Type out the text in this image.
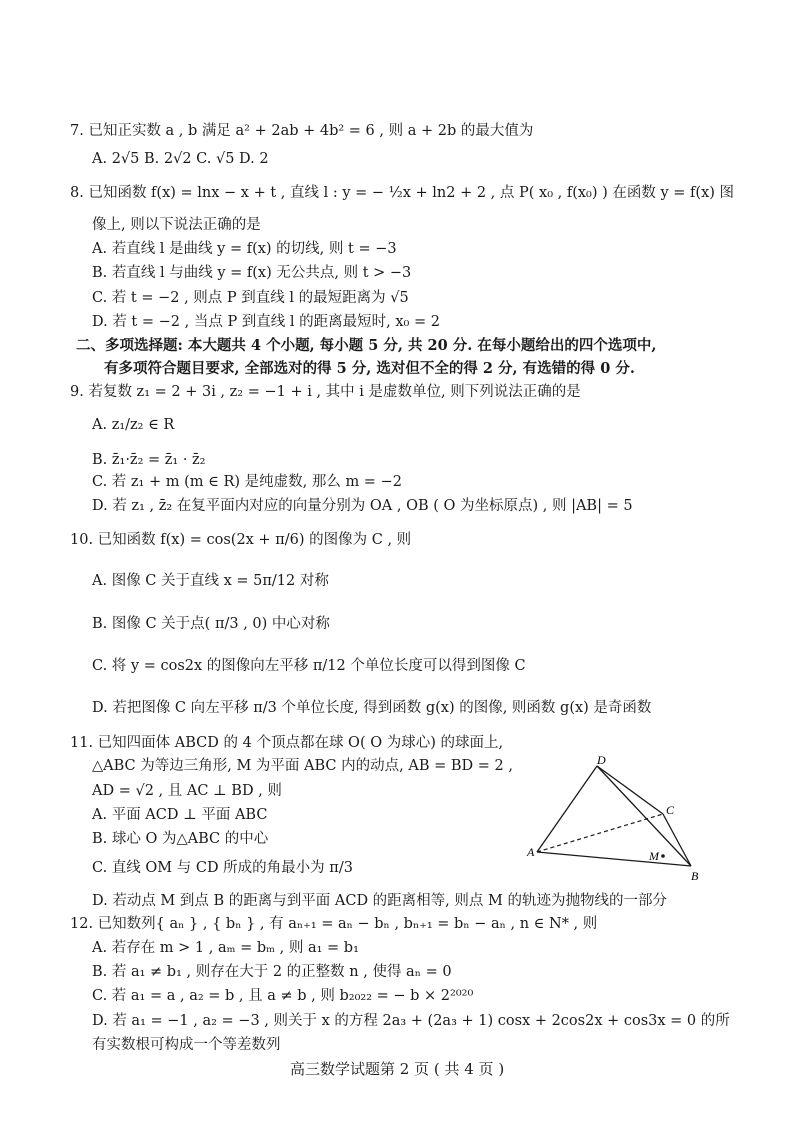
7. 已知正实数 a , b 满足 a² + 2ab + 4b² = 6 , 则 a + 2b 的最大值为
A. 2√5 B. 2√2 C. √5 D. 2
8. 已知函数 f(x) = lnx − x + t , 直线 l : y = − ½x + ln2 + 2 , 点 P( x₀ , f(x₀) ) 在函数 y = f(x) 图
像上, 则以下说法正确的是
A. 若直线 l 是曲线 y = f(x) 的切线, 则 t = −3
B. 若直线 l 与曲线 y = f(x) 无公共点, 则 t > −3
C. 若 t = −2 , 则点 P 到直线 l 的最短距离为 √5
D. 若 t = −2 , 当点 P 到直线 l 的距离最短时, x₀ = 2
二、多项选择题: 本大题共 4 个小题, 每小题 5 分, 共 20 分. 在每小题给出的四个选项中,
有多项符合题目要求, 全部选对的得 5 分, 选对但不全的得 2 分, 有选错的得 0 分.
9. 若复数 z₁ = 2 + 3i , z₂ = −1 + i , 其中 i 是虚数单位, 则下列说法正确的是
A. z₁/z₂ ∈ R
B. z̄₁·z̄₂ = z̄₁ · z̄₂
C. 若 z₁ + m (m ∈ R) 是纯虚数, 那么 m = −2
D. 若 z₁ , z̄₂ 在复平面内对应的向量分别为 OA , OB ( O 为坐标原点) , 则 |AB| = 5
10. 已知函数 f(x) = cos(2x + π/6) 的图像为 C , 则
A. 图像 C 关于直线 x = 5π/12 对称
B. 图像 C 关于点( π/3 , 0) 中心对称
C. 将 y = cos2x 的图像向左平移 π/12 个单位长度可以得到图像 C
D. 若把图像 C 向左平移 π/3 个单位长度, 得到函数 g(x) 的图像, 则函数 g(x) 是奇函数
11. 已知四面体 ABCD 的 4 个顶点都在球 O( O 为球心) 的球面上,
△ABC 为等边三角形, M 为平面 ABC 内的动点, AB = BD = 2 ,
AD = √2 , 且 AC ⊥ BD , 则
A. 平面 ACD ⊥ 平面 ABC
B. 球心 O 为△ABC 的中心
C. 直线 OM 与 CD 所成的角最小为 π/3
D. 若动点 M 到点 B 的距离与到平面 ACD 的距离相等, 则点 M 的轨迹为抛物线的一部分
A
B
C
D
M
12. 已知数列{ aₙ } , { bₙ } , 有 aₙ₊₁ = aₙ − bₙ , bₙ₊₁ = bₙ − aₙ , n ∈ N* , 则
A. 若存在 m > 1 , aₘ = bₘ , 则 a₁ = b₁
B. 若 a₁ ≠ b₁ , 则存在大于 2 的正整数 n , 使得 aₙ = 0
C. 若 a₁ = a , a₂ = b , 且 a ≠ b , 则 b₂₀₂₂ = − b × 2²⁰²⁰
D. 若 a₁ = −1 , a₂ = −3 , 则关于 x 的方程 2a₃ + (2a₃ + 1) cosx + 2cos2x + cos3x = 0 的所
有实数根可构成一个等差数列
高三数学试题第 2 页 ( 共 4 页 )
